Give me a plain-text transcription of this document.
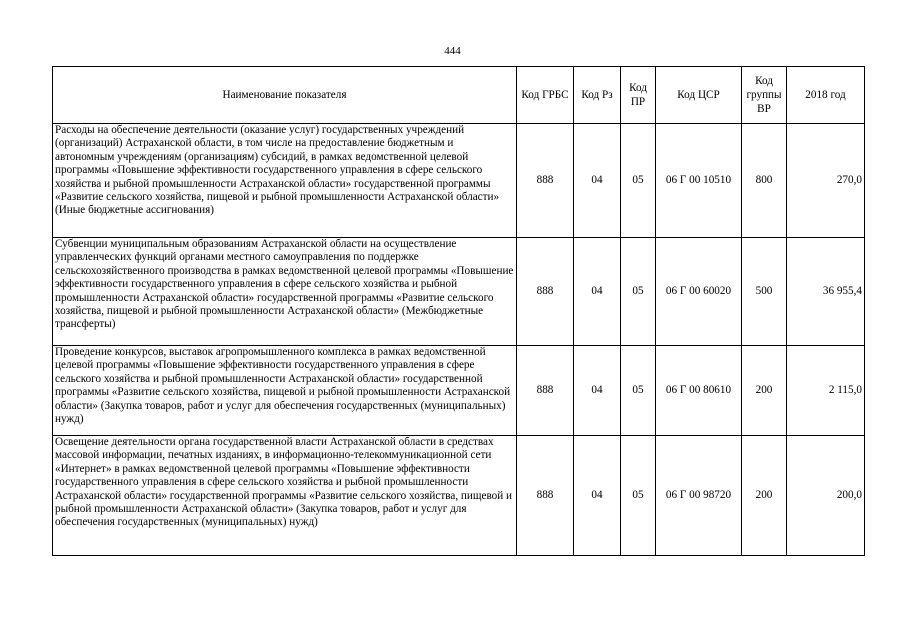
444
Наименование показателя	Код ГРБС	Код Рз	Код ПР	Код ЦСР	Код группы ВР	2018 год
Расходы на обеспечение деятельности (оказание услуг) государственных учреждений (организаций) Астраханской области, в том числе на предоставление бюджетным и автономным учреждениям (организациям) субсидий, в рамках ведомственной целевой программы «Повышение эффективности государственного управления в сфере сельского хозяйства и рыбной промышленности Астраханской области» государственной программы «Развитие сельского хозяйства, пищевой и рыбной промышленности Астраханской области» (Иные бюджетные ассигнования)	888	04	05	06 Г 00 10510	800	270,0
Субвенции муниципальным образованиям Астраханской области на осуществление управленческих функций органами местного самоуправления по поддержке сельскохозяйственного производства в рамках ведомственной целевой программы «Повышение эффективности государственного управления в сфере сельского хозяйства и рыбной промышленности Астраханской области» государственной программы «Развитие сельского хозяйства, пищевой и рыбной промышленности Астраханской области» (Межбюджетные трансферты)	888	04	05	06 Г 00 60020	500	36 955,4
Проведение конкурсов, выставок агропромышленного комплекса в рамках ведомственной целевой программы «Повышение эффективности государственного управления в сфере сельского хозяйства и рыбной промышленности Астраханской области» государственной программы «Развитие сельского хозяйства, пищевой и рыбной промышленности Астраханской области» (Закупка товаров, работ и услуг для обеспечения государственных (муниципальных) нужд)	888	04	05	06 Г 00 80610	200	2 115,0
Освещение деятельности органа государственной власти Астраханской области в средствах массовой информации, печатных изданиях, в информационно-телекоммуникационной сети «Интернет» в рамках ведомственной целевой программы «Повышение эффективности государственного управления в сфере сельского хозяйства и рыбной промышленности Астраханской области» государственной программы «Развитие сельского хозяйства, пищевой и рыбной промышленности Астраханской области» (Закупка товаров, работ и услуг для обеспечения государственных (муниципальных) нужд)	888	04	05	06 Г 00 98720	200	200,0
